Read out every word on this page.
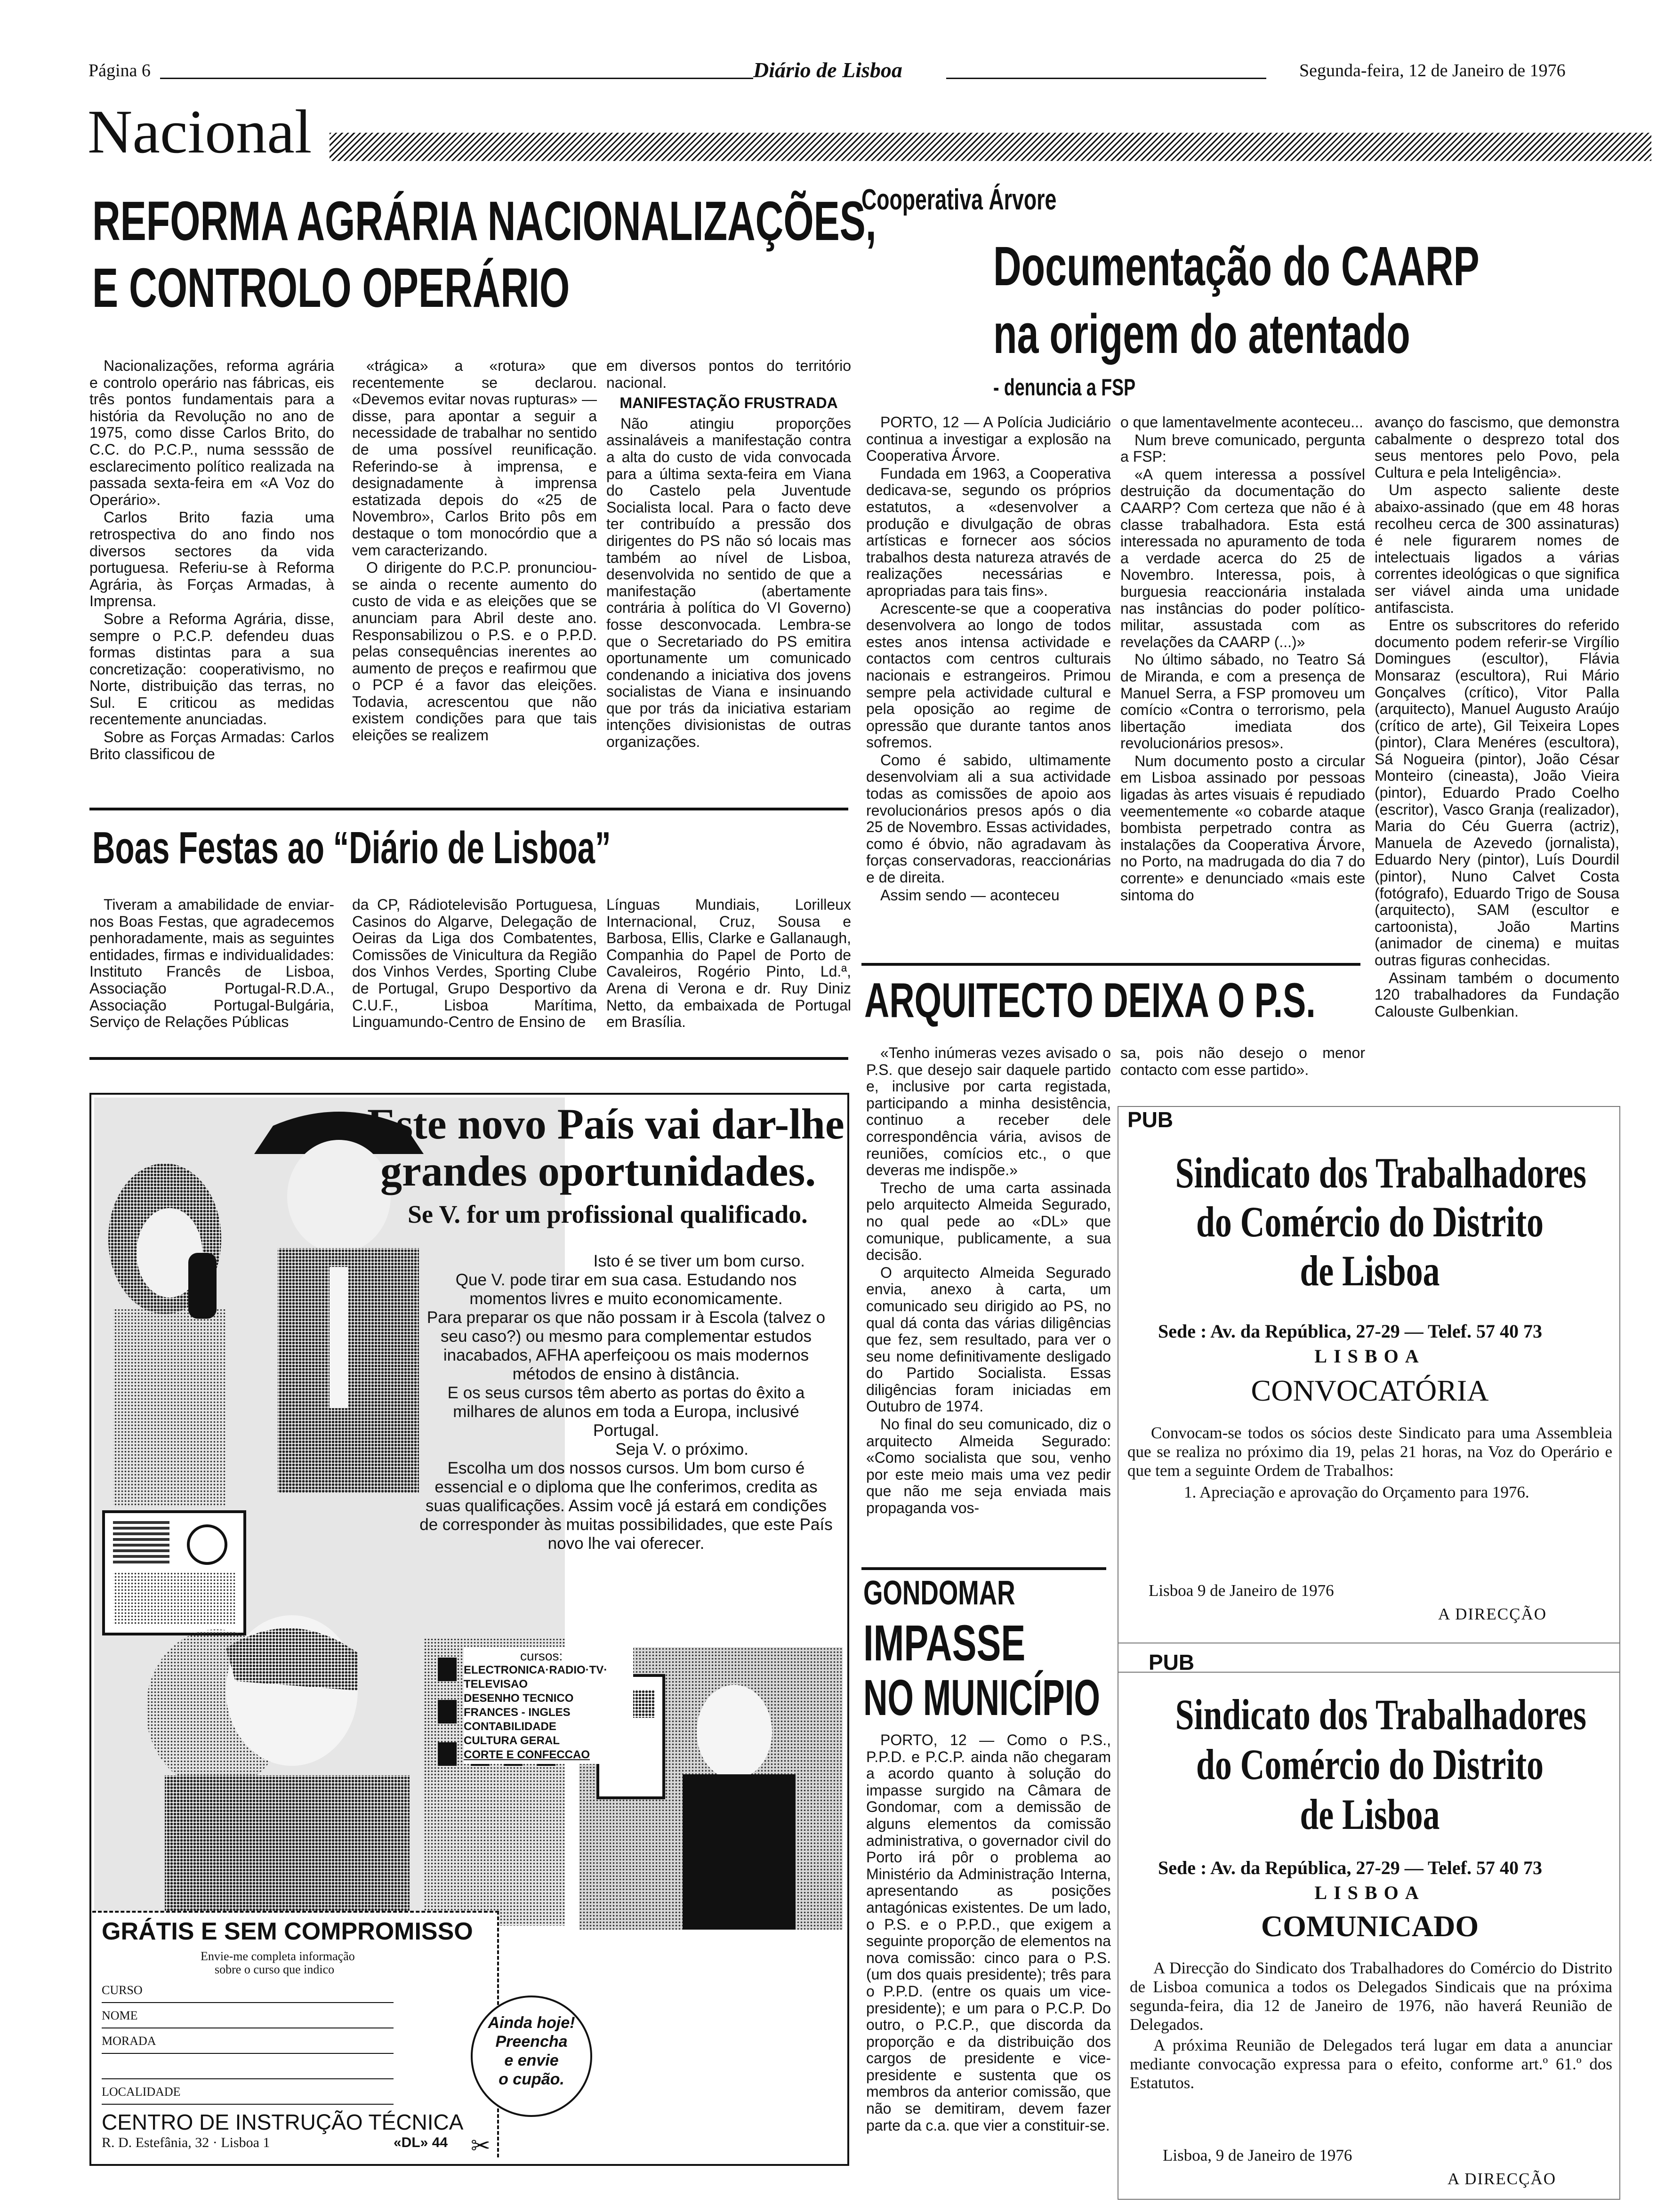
Página 6	Diário de Lisboa	Segunda-feira, 12 de Janeiro de 1976
Nacional
REFORMA AGRÁRIA NACIONALIZAÇÕES,
E CONTROLO OPERÁRIO

Nacionalizações, reforma agrária e controlo operário nas fábricas, eis três pontos fundamentais para a história da Revolução no ano de 1975, como disse Carlos Brito, do C.C. do P.C.P., numa sesssão de esclarecimento político realizada na passada sexta-feira em «A Voz do Operário».

Carlos Brito fazia uma retrospectiva do ano findo nos diversos sectores da vida portuguesa. Referiu-se à Reforma Agrária, às Forças Armadas, à Imprensa.

Sobre a Reforma Agrária, disse, sempre o P.C.P. defendeu duas formas distintas para a sua concretização: cooperativismo, no Norte, distribuição das terras, no Sul. E criticou as medidas recentemente anunciadas.

Sobre as Forças Armadas: Carlos Brito classificou de

«trágica» a «rotura» que recentemente se declarou. «Devemos evitar novas rupturas» — disse, para apontar a seguir a necessidade de trabalhar no sentido de uma possível reunificação. Referindo-se à imprensa, e designadamente à imprensa estatizada depois do «25 de Novembro», Carlos Brito pôs em destaque o tom monocórdio que a vem caracterizando.

O dirigente do P.C.P. pronunciou-se ainda o recente aumento do custo de vida e as eleições que se anunciam para Abril deste ano. Responsabilizou o P.S. e o P.P.D. pelas consequências inerentes ao aumento de preços e reafirmou que o PCP é a favor das eleições. Todavia, acrescentou que não existem condições para que tais eleições se realizem

em diversos pontos do território nacional.

MANIFESTAÇÃO FRUSTRADA

Não atingiu proporções assinaláveis a manifestação contra a alta do custo de vida convocada para a última sexta-feira em Viana do Castelo pela Juventude Socialista local. Para o facto deve ter contribuído a pressão dos dirigentes do PS não só locais mas também ao nível de Lisboa, desenvolvida no sentido de que a manifestação (abertamente contrária à política do VI Governo) fosse desconvocada. Lembra-se que o Secretariado do PS emitira oportunamente um comunicado condenando a iniciativa dos jovens socialistas de Viana e insinuando que por trás da iniciativa estariam intenções divisionistas de outras organizações.

Boas Festas ao “Diário de Lisboa”

Tiveram a amabilidade de enviar-nos Boas Festas, que agradecemos penhoradamente, mais as seguintes entidades, firmas e individualidades: Instituto Francês de Lisboa, Associação Portugal-R.D.A., Associação Portugal-Bulgária, Serviço de Relações Públicas

da CP, Rádiotelevisão Portuguesa, Casinos do Algarve, Delegação de Oeiras da Liga dos Combatentes, Comissões de Vinicultura da Região dos Vinhos Verdes, Sporting Clube de Portugal, Grupo Desportivo da C.U.F., Lisboa Marítima, Linguamundo-Centro de Ensino de

Línguas Mundiais, Lorilleux Internacional, Cruz, Sousa e Barbosa, Ellis, Clarke e Gallanaugh, Companhia do Papel de Porto de Cavaleiros, Rogério Pinto, Ld.ª, Arena di Verona e dr. Ruy Diniz Netto, da embaixada de Portugal em Brasília.

Cooperativa Árvore
Documentação do CAARP
na origem do atentado
- denuncia a FSP

PORTO, 12 — A Polícia Judiciário continua a investigar a explosão na Cooperativa Árvore.

Fundada em 1963, a Cooperativa dedicava-se, segundo os próprios estatutos, a «desenvolver a produção e divulgação de obras artísticas e fornecer aos sócios trabalhos desta natureza através de realizações necessárias e apropriadas para tais fins».

Acrescente-se que a cooperativa desenvolvera ao longo de todos estes anos intensa actividade e contactos com centros culturais nacionais e estrangeiros. Primou sempre pela actividade cultural e pela oposição ao regime de opressão que durante tantos anos sofremos.

Como é sabido, ultimamente desenvolviam ali a sua actividade todas as comissões de apoio aos revolucionários presos após o dia 25 de Novembro. Essas actividades, como é óbvio, não agradavam às forças conservadoras, reaccionárias e de direita.

Assim sendo — aconteceu

o que lamentavelmente aconteceu...

Num breve comunicado, pergunta a FSP:

«A quem interessa a possível destruição da documentação do CAARP? Com certeza que não é à classe trabalhadora. Esta está interessada no apuramento de toda a verdade acerca do 25 de Novembro. Interessa, pois, à burguesia reaccionária instalada nas instâncias do poder político-militar, assustada com as revelações da CAARP (...)»

No último sábado, no Teatro Sá de Miranda, e com a presença de Manuel Serra, a FSP promoveu um comício «Contra o terrorismo, pela libertação imediata dos revolucionários presos».

Num documento posto a circular em Lisboa assinado por pessoas ligadas às artes visuais é repudiado veementemente «o cobarde ataque bombista perpetrado contra as instalações da Cooperativa Árvore, no Porto, na madrugada do dia 7 do corrente» e denunciado «mais este sintoma do

avanço do fascismo, que demonstra cabalmente o desprezo total dos seus mentores pelo Povo, pela Cultura e pela Inteligência».

Um aspecto saliente deste abaixo-assinado (que em 48 horas recolheu cerca de 300 assinaturas) é nele figurarem nomes de intelectuais ligados a várias correntes ideológicas o que significa ser viável ainda uma unidade antifascista.

Entre os subscritores do referido documento podem referir-se Virgílio Domingues (escultor), Flávia Monsaraz (escultora), Rui Mário Gonçalves (crítico), Vitor Palla (arquitecto), Manuel Augusto Araújo (crítico de arte), Gil Teixeira Lopes (pintor), Clara Menéres (escultora), Sá Nogueira (pintor), João César Monteiro (cineasta), João Vieira (pintor), Eduardo Prado Coelho (escritor), Vasco Granja (realizador), Maria do Céu Guerra (actriz), Manuela de Azevedo (jornalista), Eduardo Nery (pintor), Luís Dourdil (pintor), Nuno Calvet Costa (fotógrafo), Eduardo Trigo de Sousa (arquitecto), SAM (escultor e cartoonista), João Martins (animador de cinema) e muitas outras figuras conhecidas.

Assinam também o documento 120 trabalhadores da Fundação Calouste Gulbenkian.

ARQUITECTO DEIXA O P.S.

«Tenho inúmeras vezes avisado o P.S. que desejo sair daquele partido e, inclusive por carta registada, participando a minha desistência, continuo a receber dele correspondência vária, avisos de reuniões, comícios etc., o que deveras me indispõe.»

Trecho de uma carta assinada pelo arquitecto Almeida Segurado, no qual pede ao «DL» que comunique, publicamente, a sua decisão.

O arquitecto Almeida Segurado envia, anexo à carta, um comunicado seu dirigido ao PS, no qual dá conta das várias diligências que fez, sem resultado, para ver o seu nome definitivamente desligado do Partido Socialista. Essas diligências foram iniciadas em Outubro de 1974.

No final do seu comunicado, diz o arquitecto Almeida Segurado: «Como socialista que sou, venho por este meio mais uma vez pedir que não me seja enviada mais propaganda vos-

sa, pois não desejo o menor contacto com esse partido».

GONDOMAR
IMPASSE
NO MUNICÍPIO

PORTO, 12 — Como o P.S., P.P.D. e P.C.P. ainda não chegaram a acordo quanto à solução do impasse surgido na Câmara de Gondomar, com a demissão de alguns elementos da comissão administrativa, o governador civil do Porto irá pôr o problema ao Ministério da Administração Interna, apresentando as posições antagónicas existentes. De um lado, o P.S. e o P.P.D., que exigem a seguinte proporção de elementos na nova comissão: cinco para o P.S. (um dos quais presidente); três para o P.P.D. (entre os quais um vice-presidente); e um para o P.C.P. Do outro, o P.C.P., que discorda da proporção e da distribuição dos cargos de presidente e vice-presidente e sustenta que os membros da anterior comissão, que não se demitiram, devem fazer parte da c.a. que vier a constituir-se.

Este novo País vai dar-lhe
grandes oportunidades.
Se V. for um profissional qualificado.
Isto é se tiver um bom curso.
Que V. pode tirar em sua casa. Estudando nos momentos livres e muito economicamente.
Para preparar os que não possam ir à Escola (talvez o seu caso?) ou mesmo para complementar estudos inacabados, AFHA aperfeiçoou os mais modernos métodos de ensino à distância.
E os seus cursos têm aberto as portas do êxito a milhares de alunos em toda a Europa, inclusivé Portugal.
Seja V. o próximo.
Escolha um dos nossos cursos. Um bom curso é essencial e o diploma que lhe conferimos, credita as suas qualificações. Assim você já estará em condições de corresponder às muitas possibilidades, que este País novo lhe vai oferecer.
cursos:
ELECTRONICA·RADIO·TV·
TELEVISAO
DESENHO TECNICO
FRANCES - INGLES
CONTABILIDADE
CULTURA GERAL
CORTE E CONFECCAO
GRÁTIS E SEM COMPROMISSO
Envie-me completa informação
sobre o curso que indico
CURSO
NOME
MORADA
LOCALIDADE
CENTRO DE INSTRUÇÃO TÉCNICA
R. D. Estefânia, 32 · Lisboa 1	«DL» 44
Ainda hoje!
Preencha
e envie
o cupão.
✂
PUB
Sindicato dos Trabalhadores
do Comércio do Distrito
de Lisboa
Sede : Av. da República, 27-29 — Telef. 57 40 73
LISBOA
CONVOCATÓRIA

Convocam-se todos os sócios deste Sindicato para uma Assembleia que se realiza no próximo dia 19, pelas 21 horas, na Voz do Operário e que tem a seguinte Ordem de Trabalhos:

1. Apreciação e aprovação do Orçamento para 1976.

Lisboa 9 de Janeiro de 1976
A DIRECÇÃO
PUB
Sindicato dos Trabalhadores
do Comércio do Distrito
de Lisboa
Sede : Av. da República, 27-29 — Telef. 57 40 73
LISBOA
COMUNICADO

A Direcção do Sindicato dos Trabalhadores do Comércio do Distrito de Lisboa comunica a todos os Delegados Sindicais que na próxima segunda-feira, dia 12 de Janeiro de 1976, não haverá Reunião de Delegados.

A próxima Reunião de Delegados terá lugar em data a anunciar mediante convocação expressa para o efeito, conforme art.º 61.º dos Estatutos.

Lisboa, 9 de Janeiro de 1976
A DIRECÇÃO
